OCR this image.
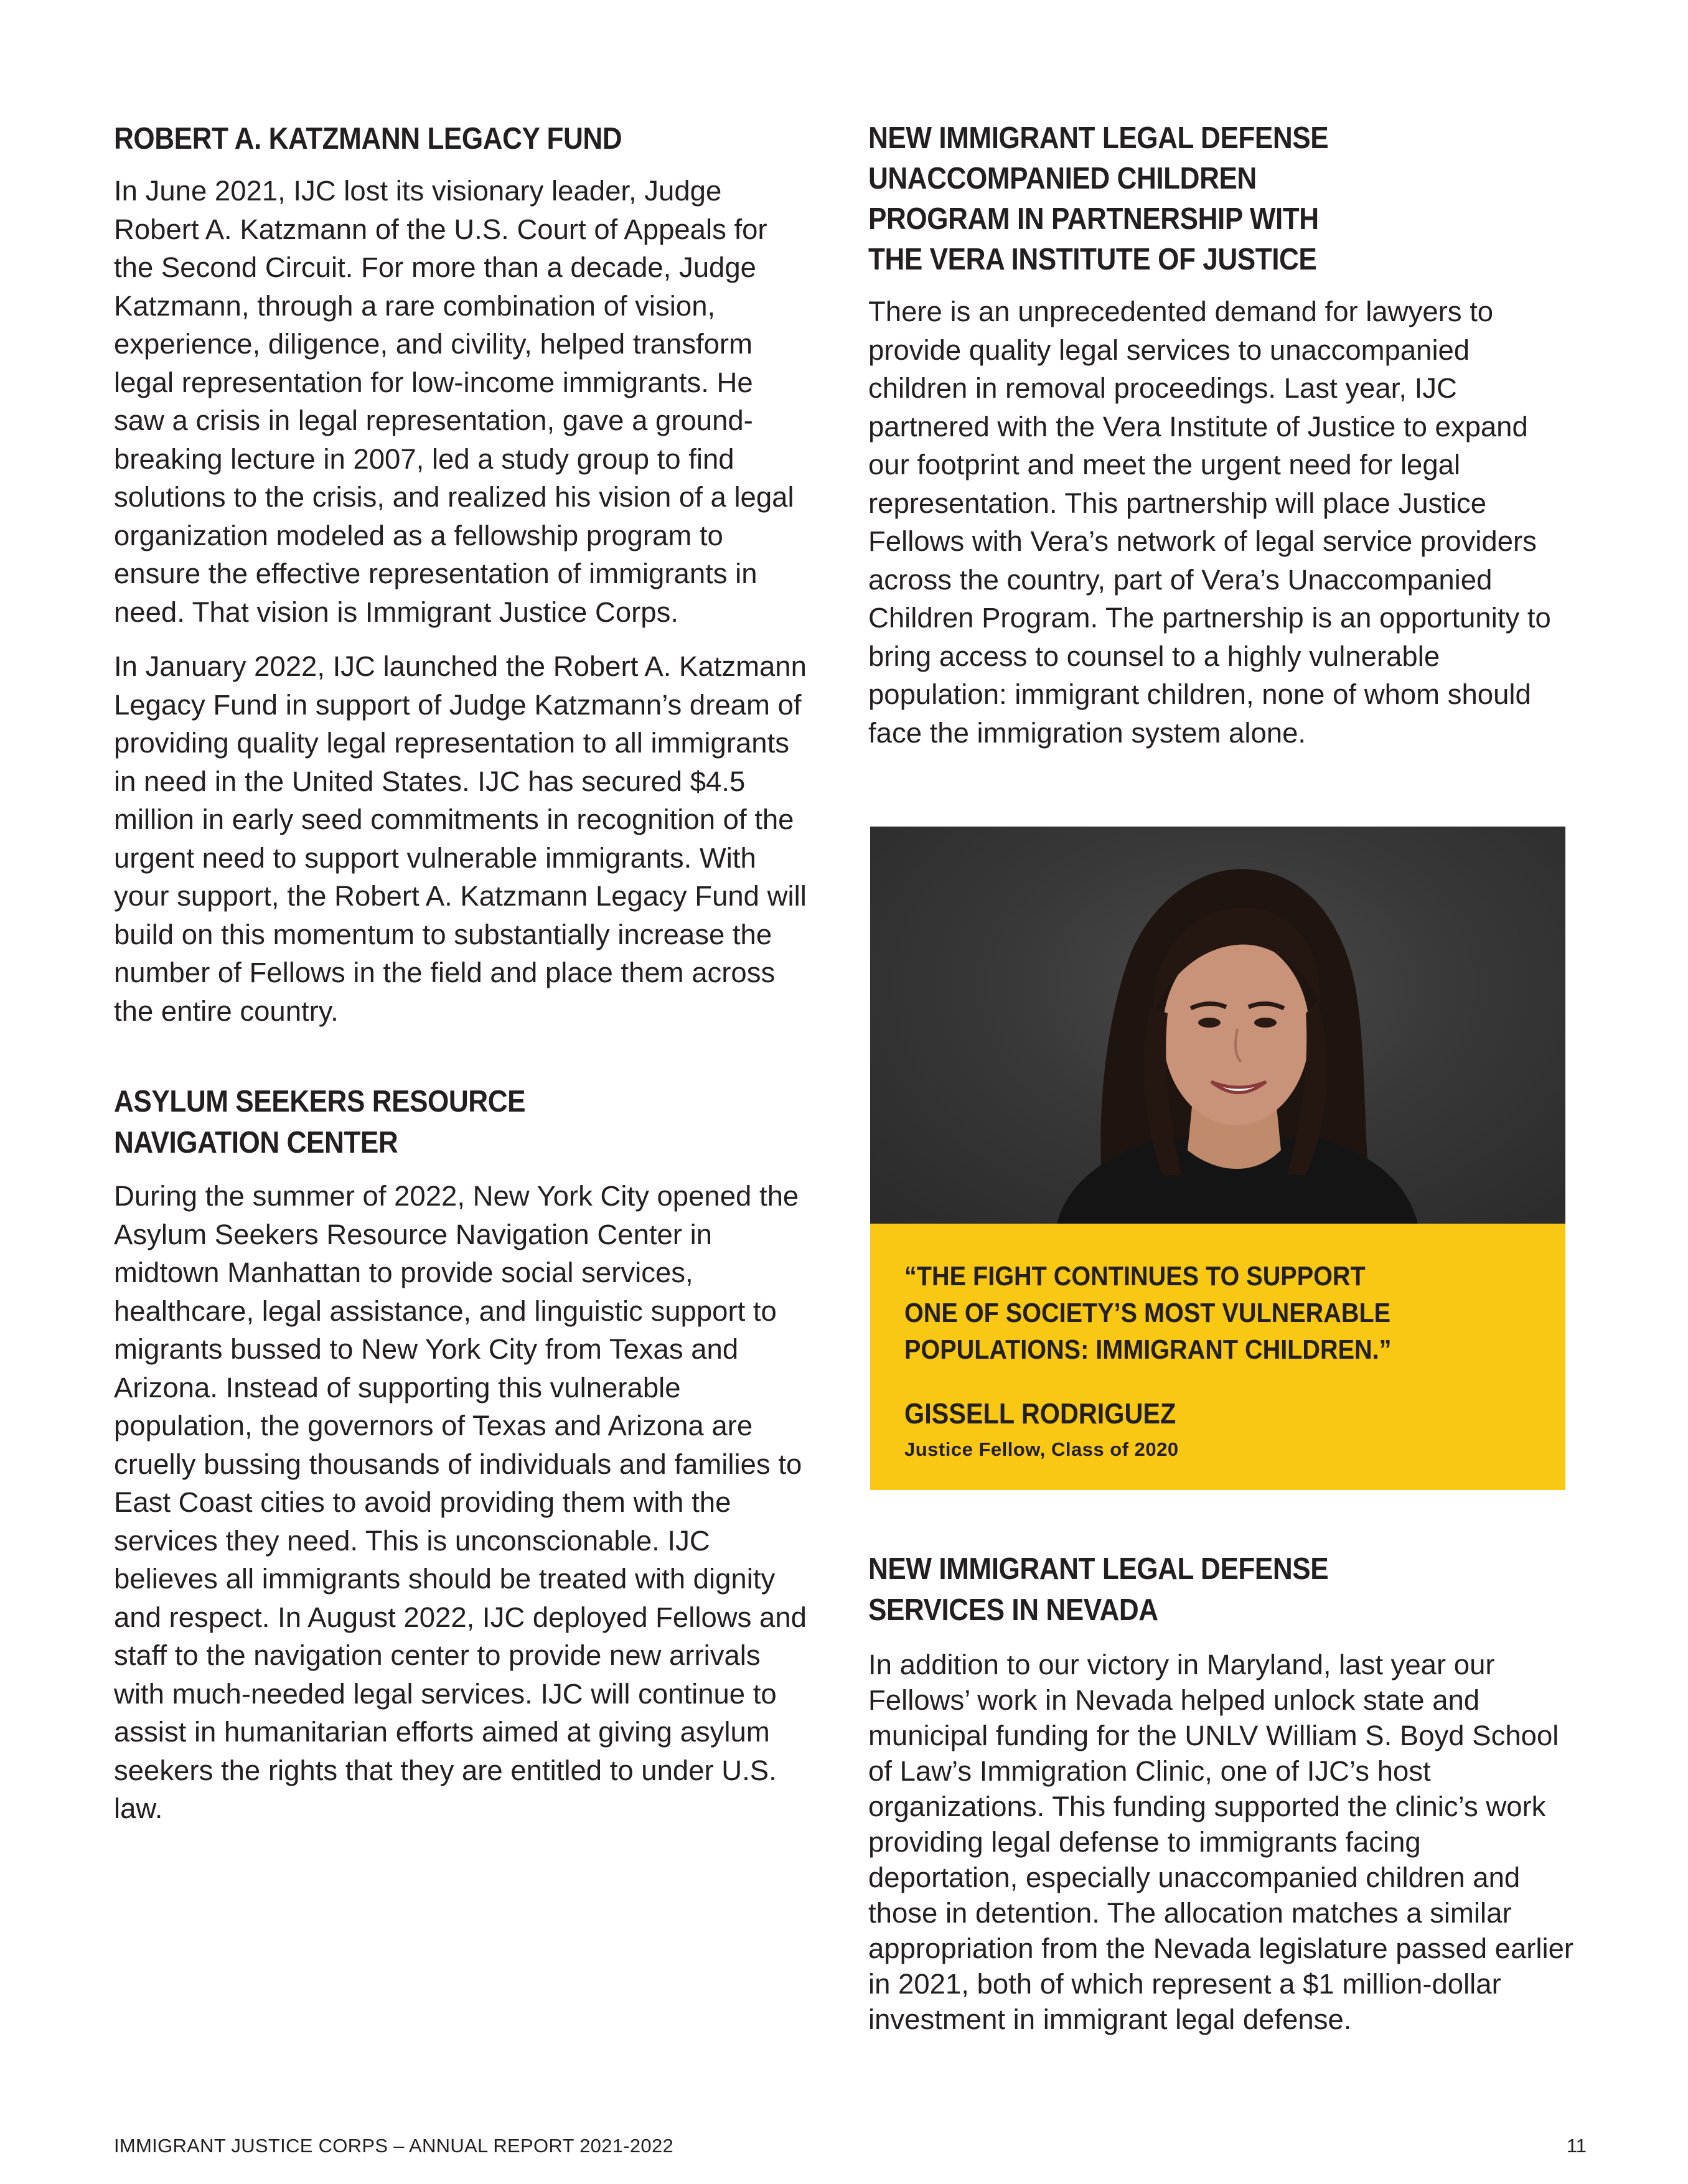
ROBERT A. KATZMANN LEGACY FUND

In June 2021, IJC lost its visionary leader, Judge Robert A. Katzmann of the U.S. Court of Appeals for the Second Circuit. For more than a decade, Judge Katzmann, through a rare combination of vision, experience, diligence, and civility, helped transform legal representation for low-income immigrants. He saw a crisis in legal representation, gave a ground-breaking lecture in 2007, led a study group to find solutions to the crisis, and realized his vision of a legal organization modeled as a fellowship program to ensure the effective representation of immigrants in need. That vision is Immigrant Justice Corps.

In January 2022, IJC launched the Robert A. Katzmann Legacy Fund in support of Judge Katzmann’s dream of providing quality legal representation to all immigrants in need in the United States. IJC has secured $4.5 million in early seed commitments in recognition of the urgent need to support vulnerable immigrants. With your support, the Robert A. Katzmann Legacy Fund will build on this momentum to substantially increase the number of Fellows in the field and place them across the entire country.

ASYLUM SEEKERS RESOURCE
NAVIGATION CENTER

During the summer of 2022, New York City opened the Asylum Seekers Resource Navigation Center in midtown Manhattan to provide social services, healthcare, legal assistance, and linguistic support to migrants bussed to New York City from Texas and Arizona. Instead of supporting this vulnerable population, the governors of Texas and Arizona are cruelly bussing thousands of individuals and families to East Coast cities to avoid providing them with the services they need. This is unconscionable. IJC believes all immigrants should be treated with dignity and respect. In August 2022, IJC deployed Fellows and staff to the navigation center to provide new arrivals with much-needed legal services. IJC will continue to assist in humanitarian efforts aimed at giving asylum seekers the rights that they are entitled to under U.S. law.

NEW IMMIGRANT LEGAL DEFENSE
UNACCOMPANIED CHILDREN
PROGRAM IN PARTNERSHIP WITH
THE VERA INSTITUTE OF JUSTICE

There is an unprecedented demand for lawyers to provide quality legal services to unaccompanied children in removal proceedings. Last year, IJC partnered with the Vera Institute of Justice to expand our footprint and meet the urgent need for legal representation. This partnership will place Justice Fellows with Vera’s network of legal service providers across the country, part of Vera’s Unaccompanied Children Program. The partnership is an opportunity to bring access to counsel to a highly vulnerable population: immigrant children, none of whom should face the immigration system alone.

“THE FIGHT CONTINUES TO SUPPORT
ONE OF SOCIETY’S MOST VULNERABLE
POPULATIONS: IMMIGRANT CHILDREN.”

GISSELL RODRIGUEZ

Justice Fellow, Class of 2020

NEW IMMIGRANT LEGAL DEFENSE
SERVICES IN NEVADA

In addition to our victory in Maryland, last year our Fellows’ work in Nevada helped unlock state and municipal funding for the UNLV William S. Boyd School of Law’s Immigration Clinic, one of IJC’s host organizations. This funding supported the clinic’s work providing legal defense to immigrants facing deportation, especially unaccompanied children and those in detention. The allocation matches a similar appropriation from the Nevada legislature passed earlier in 2021, both of which represent a $1 million-dollar investment in immigrant legal defense.

IMMIGRANT JUSTICE CORPS – ANNUAL REPORT 2021-2022	11
